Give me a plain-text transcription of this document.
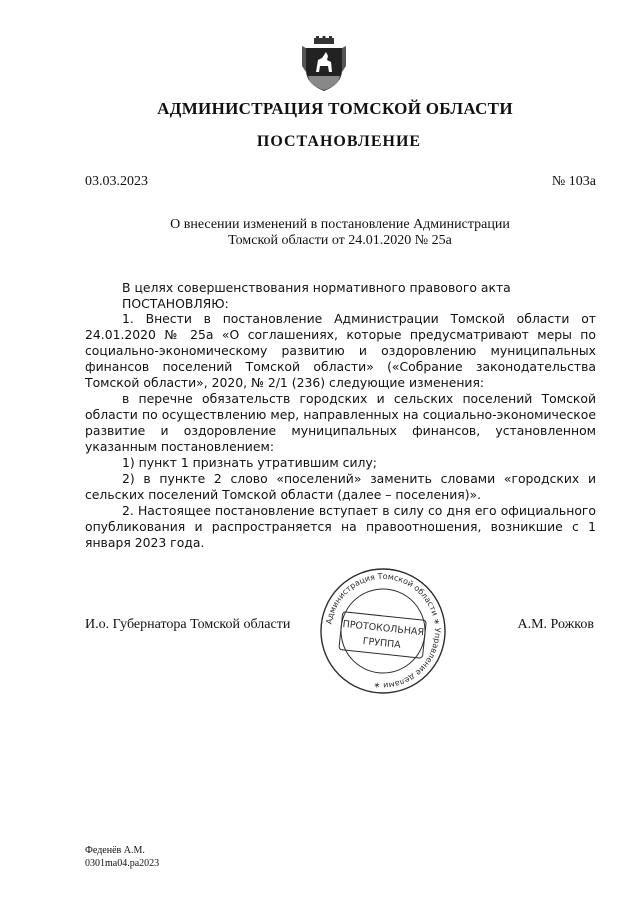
АДМИНИСТРАЦИЯ ТОМСКОЙ ОБЛАСТИ
ПОСТАНОВЛЕНИЕ
03.03.2023	№ 103а
О внесении изменений в постановление Администрации
Томской области от 24.01.2020 № 25а

В целях совершенствования нормативного правового акта

ПОСТАНОВЛЯЮ:

1. Внести в постановление Администрации Томской области от 24.01.2020 № 25а «О соглашениях, которые предусматривают меры по социально-экономическому развитию и оздоровлению муниципальных финансов поселений Томской области» («Собрание законодательства Томской области», 2020, № 2/1 (236) следующие изменения:

в перечне обязательств городских и сельских поселений Томской области по осуществлению мер, направленных на социально-экономическое развитие и оздоровление муниципальных финансов, установленном указанным постановлением:

1) пункт 1 признать утратившим силу;

2) в пункте 2 слово «поселений» заменить словами «городских и сельских поселений Томской области (далее – поселения)».

2. Настоящее постановление вступает в силу со дня его официального опубликования и распространяется на правоотношения, возникшие с 1 января 2023 года.

И.о. Губернатора Томской области	А.М. Рожков
Администрация Томской области ∗ Управление делами ∗
ПРОТОКОЛЬНАЯ
ГРУППА
Феденёв А.М.
0301ma04.pa2023
